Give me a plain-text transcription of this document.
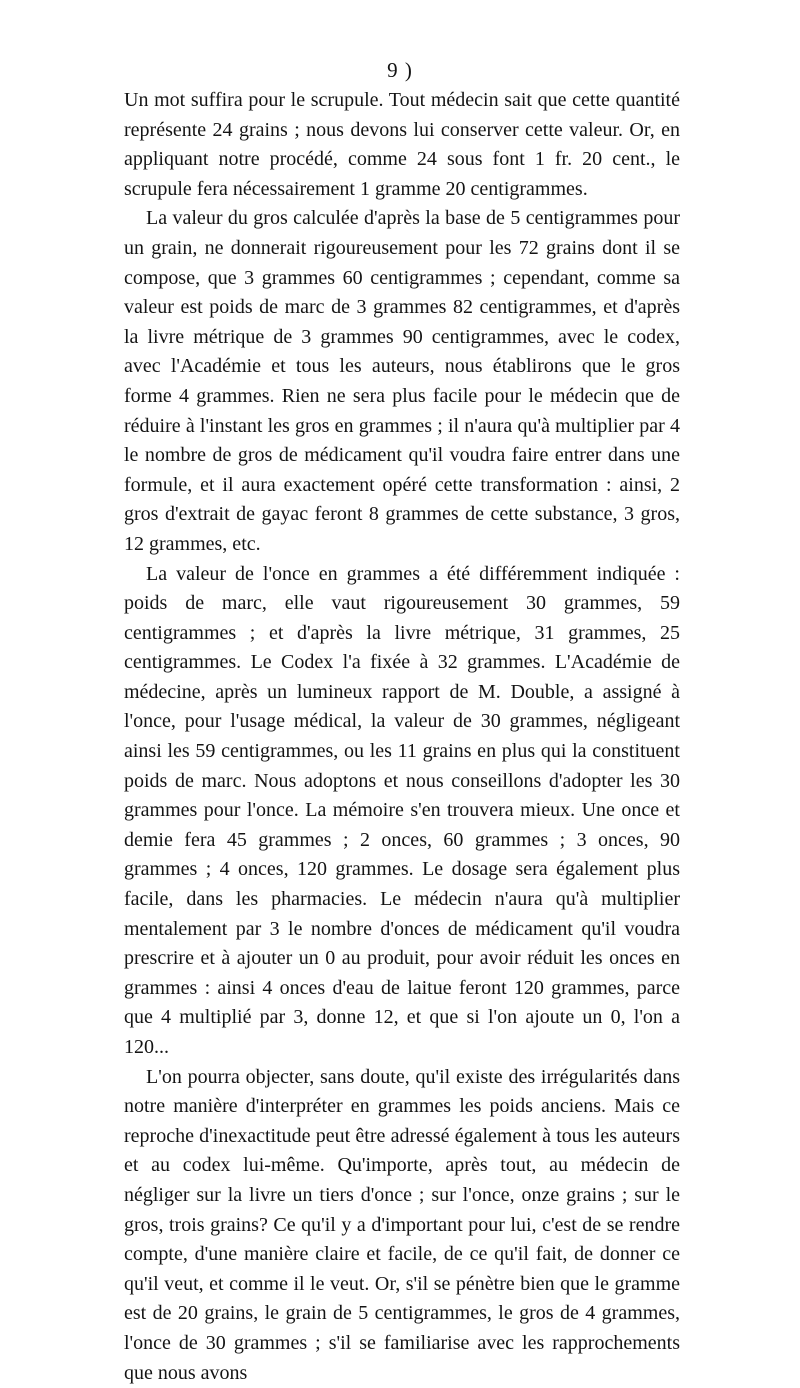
9 )

Un mot suffira pour le scrupule. Tout médecin sait que cette quantité représente 24 grains ; nous devons lui conserver cette valeur. Or, en appliquant notre procédé, comme 24 sous font 1 fr. 20 cent., le scrupule fera nécessairement 1 gramme 20 centigrammes.

La valeur du gros calculée d'après la base de 5 centigrammes pour un grain, ne donnerait rigoureusement pour les 72 grains dont il se compose, que 3 grammes 60 centigrammes ; cependant, comme sa valeur est poids de marc de 3 grammes 82 centigrammes, et d'après la livre métrique de 3 grammes 90 centigrammes, avec le codex, avec l'Académie et tous les auteurs, nous établirons que le gros forme 4 grammes. Rien ne sera plus facile pour le médecin que de réduire à l'instant les gros en grammes ; il n'aura qu'à multiplier par 4 le nombre de gros de médicament qu'il voudra faire entrer dans une formule, et il aura exactement opéré cette transformation : ainsi, 2 gros d'extrait de gayac feront 8 grammes de cette substance, 3 gros, 12 grammes, etc.

La valeur de l'once en grammes a été différemment indiquée : poids de marc, elle vaut rigoureusement 30 grammes, 59 centigrammes ; et d'après la livre métrique, 31 grammes, 25 centigrammes. Le Codex l'a fixée à 32 grammes. L'Académie de médecine, après un lumineux rapport de M. Double, a assigné à l'once, pour l'usage médical, la valeur de 30 grammes, négligeant ainsi les 59 centigrammes, ou les 11 grains en plus qui la constituent poids de marc. Nous adoptons et nous conseillons d'adopter les 30 grammes pour l'once. La mémoire s'en trouvera mieux. Une once et demie fera 45 grammes ; 2 onces, 60 grammes ; 3 onces, 90 grammes ; 4 onces, 120 grammes. Le dosage sera également plus facile, dans les pharmacies. Le médecin n'aura qu'à multiplier mentalement par 3 le nombre d'onces de médicament qu'il voudra prescrire et à ajouter un 0 au produit, pour avoir réduit les onces en grammes : ainsi 4 onces d'eau de laitue feront 120 grammes, parce que 4 multiplié par 3, donne 12, et que si l'on ajoute un 0, l'on a 120...

L'on pourra objecter, sans doute, qu'il existe des irrégularités dans notre manière d'interpréter en grammes les poids anciens. Mais ce reproche d'inexactitude peut être adressé également à tous les auteurs et au codex lui-même. Qu'importe, après tout, au médecin de négliger sur la livre un tiers d'once ; sur l'once, onze grains ; sur le gros, trois grains? Ce qu'il y a d'important pour lui, c'est de se rendre compte, d'une manière claire et facile, de ce qu'il fait, de donner ce qu'il veut, et comme il le veut. Or, s'il se pénètre bien que le gramme est de 20 grains, le grain de 5 centigrammes, le gros de 4 grammes, l'once de 30 grammes ; s'il se familiarise avec les rapprochements que nous avons
